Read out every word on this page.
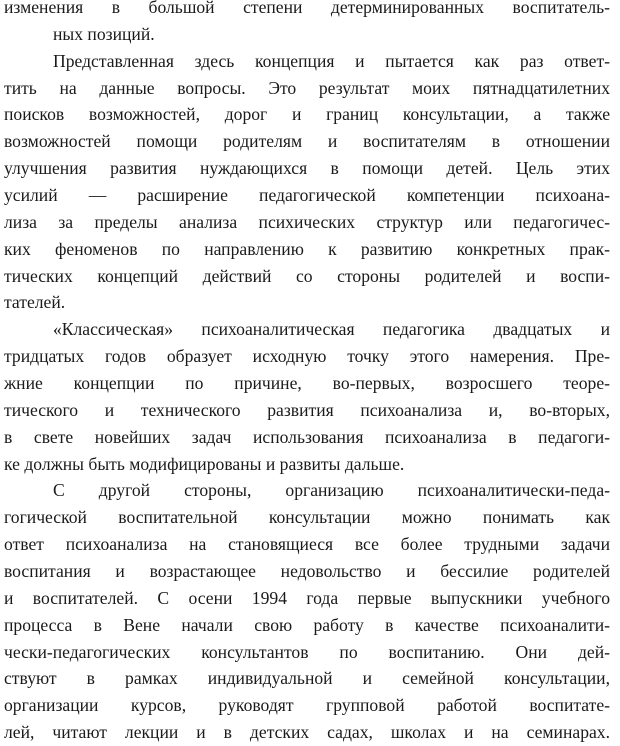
изменения в большой степени детерминированных воспитатель-
ных позиций.
Представленная здесь концепция и пытается как раз ответ-
тить на данные вопросы. Это результат моих пятнадцатилетних
поисков возможностей, дорог и границ консультации, а также
возможностей помощи родителям и воспитателям в отношении
улучшения развития нуждающихся в помощи детей. Цель этих
усилий — расширение педагогической компетенции психоана-
лиза за пределы анализа психических структур или педагогичес-
ких феноменов по направлению к развитию конкретных прак-
тических концепций действий со стороны родителей и воспи-
тателей.
«Классическая» психоаналитическая педагогика двадцатых и
тридцатых годов образует исходную точку этого намерения. Пре-
жние концепции по причине, во-первых, возросшего теоре-
тического и технического развития психоанализа и, во-вторых,
в свете новейших задач использования психоанализа в педагоги-
ке должны быть модифицированы и развиты дальше.
С другой стороны, организацию психоаналитически-педа-
гогической воспитательной консультации можно понимать как
ответ психоанализа на становящиеся все более трудными задачи
воспитания и возрастающее недовольство и бессилие родителей
и воспитателей. С осени 1994 года первые выпускники учебного
процесса в Вене начали свою работу в качестве психоаналити-
чески-педагогических консультантов по воспитанию. Они дей-
ствуют в рамках индивидуальной и семейной консультации,
организации курсов, руководят групповой работой воспитате-
лей, читают лекции и в детских садах, школах и на семинарах.
